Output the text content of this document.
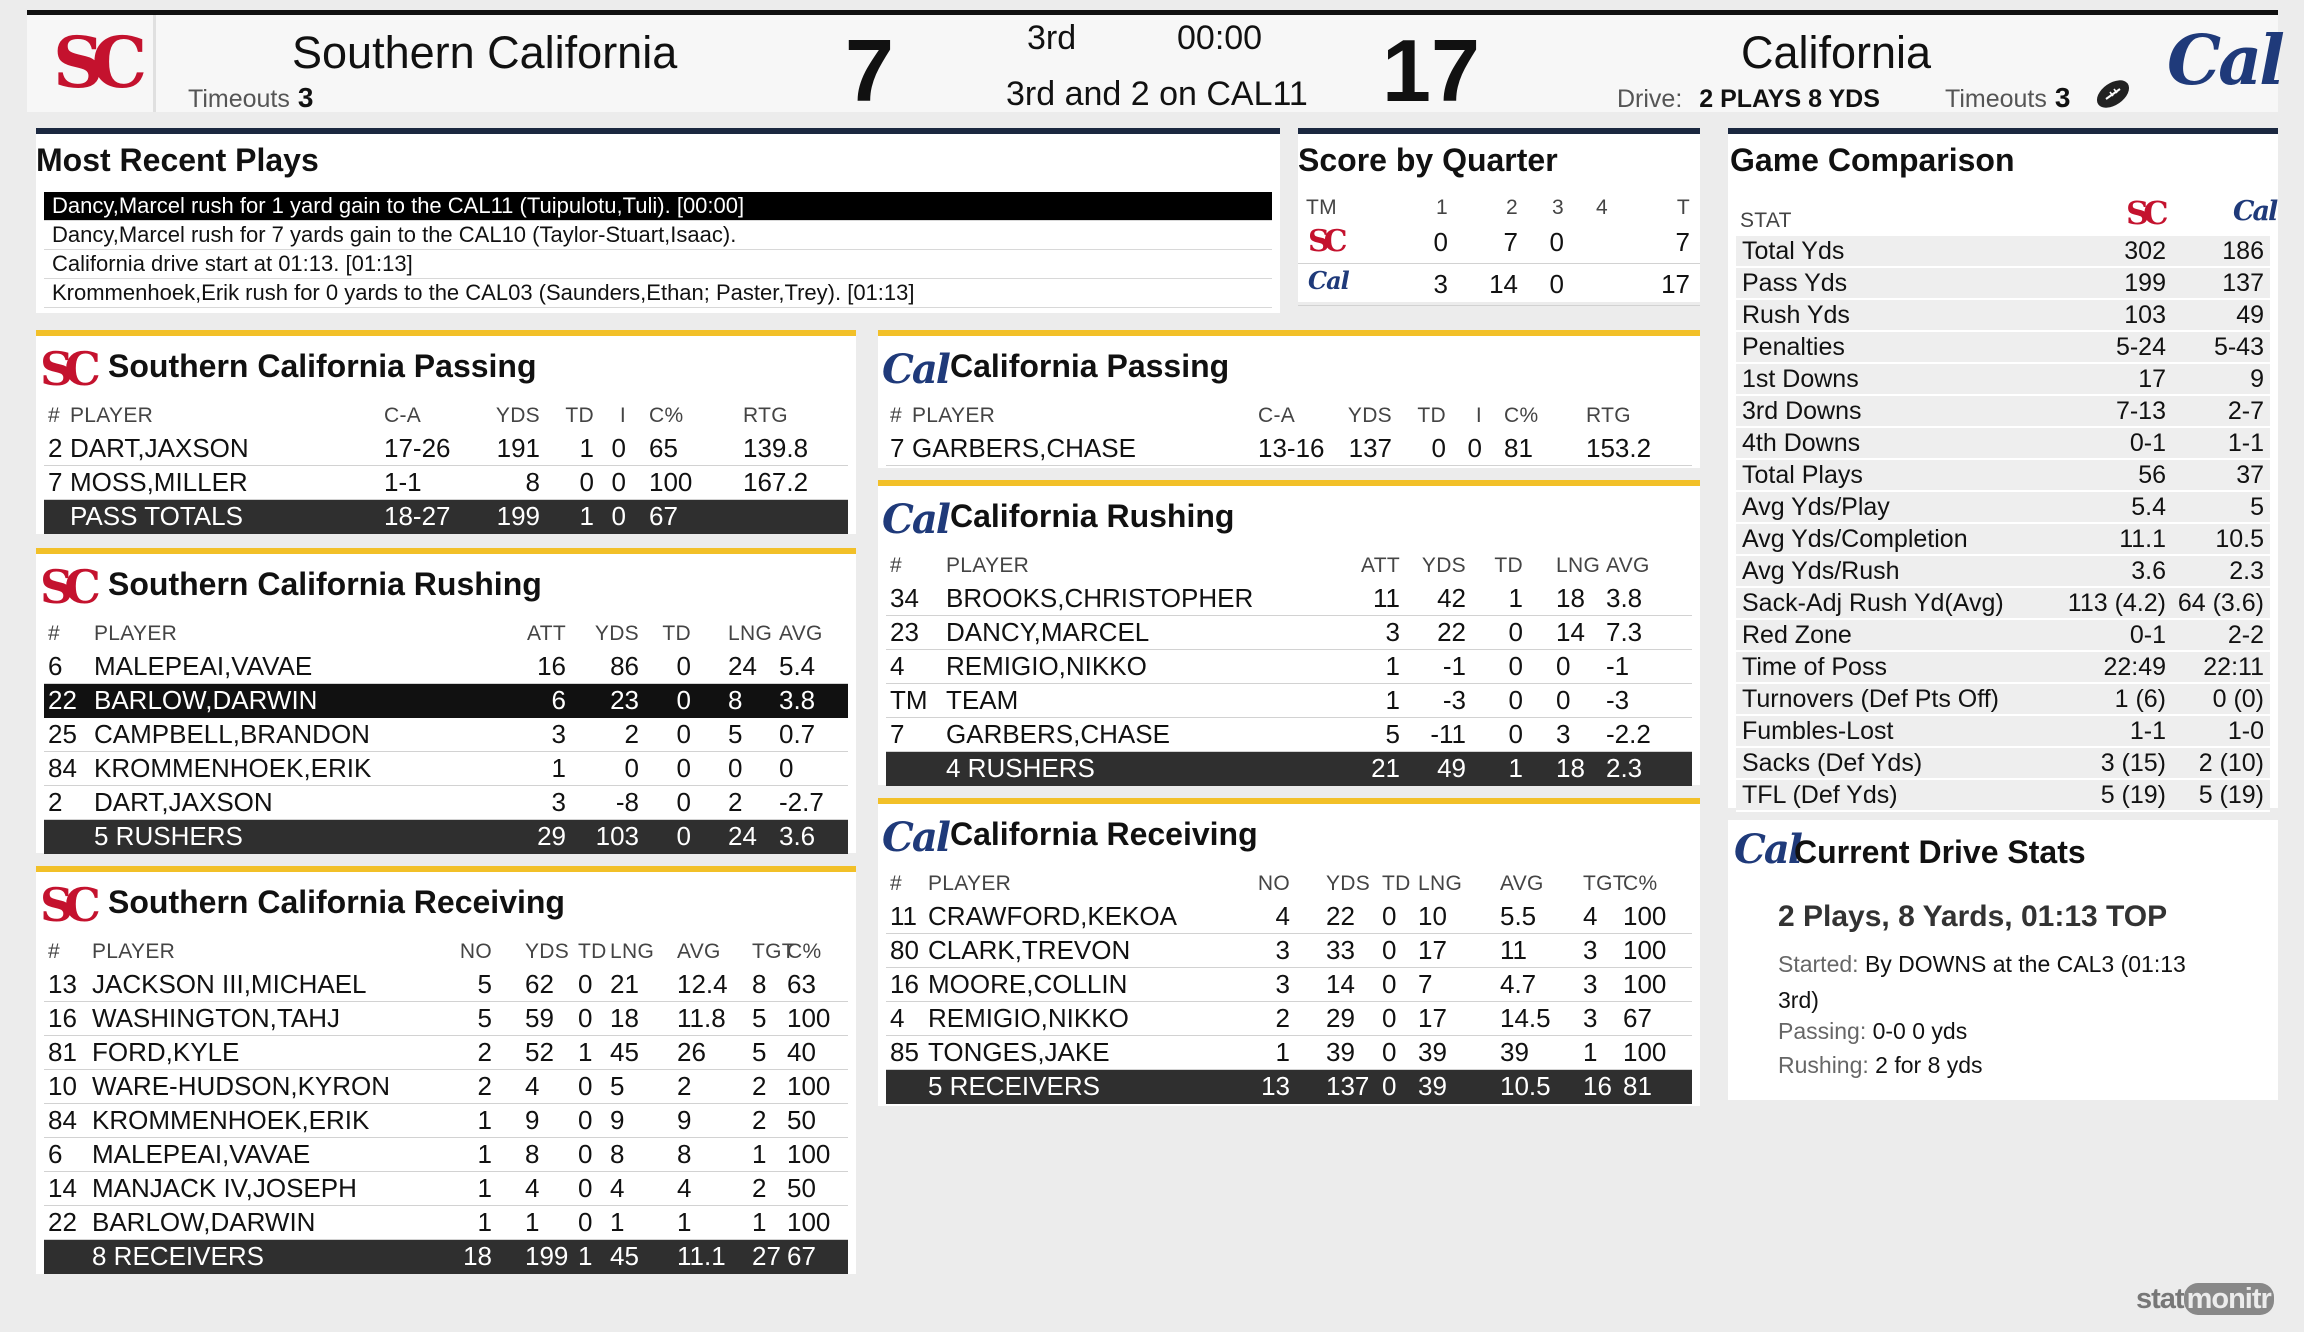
SC	Southern California
Timeouts 3	7	3rd	00:00
3rd and 2 on CAL11 17	California
Drive: 2 PLAYS 8 YDS	Timeouts 3 Cal
Most Recent Plays
Dancy,Marcel rush for 1 yard gain to the CAL11 (Tuipulotu,Tuli). [00:00]
Dancy,Marcel rush for 7 yards gain to the CAL10 (Taylor-Stuart,Isaac).
California drive start at 01:13. [01:13]
Krommenhoek,Erik rush for 0 yards to the CAL03 (Saunders,Ethan; Paster,Trey). [01:13]
Score by Quarter
TM	1	2	3	4	T
SC	0	7	0	7
Cal	3	14	0	17
Game Comparison
STAT	SC	Cal
Total Yds	302	186
Pass Yds	199	137
Rush Yds	103	49
Penalties	5-24	5-43
1st Downs	17	9
3rd Downs	7-13	2-7
4th Downs	0-1	1-1
Total Plays	56	37
Avg Yds/Play	5.4	5
Avg Yds/Completion	11.1	10.5
Avg Yds/Rush	3.6	2.3
Sack-Adj Rush Yd(Avg)	113 (4.2) 64 (3.6)
Red Zone	0-1	2-2
Time of Poss	22:49	22:11
Turnovers (Def Pts Off)	1 (6)	0 (0)
Fumbles-Lost	1-1	1-0
Sacks (Def Yds)	3 (15)	2 (10)
TFL (Def Yds)	5 (19)	5 (19)
Cal
Current Drive Stats
2 Plays, 8 Yards, 01:13 TOP
Started: By DOWNS at the CAL3 (01:13
3rd)
Passing: 0-0 0 yds
Rushing: 2 for 8 yds
SC Southern California Passing
# PLAYER	C-A	YDS	TD	I C%	RTG
2 DART,JAXSON	17-26	191	1 0 65	139.8
7 MOSS,MILLER	1-1	8	0 0 100 167.2
PASS TOTALS	18-27	199	1 0 67
SC Southern California Rushing
# PLAYER	ATT	YDS	TD LNG AVG
6 MALEPEAI,VAVAE	16	86	0 24 5.4
22 BARLOW,DARWIN	6	23	0 8 3.8
25 CAMPBELL,BRANDON	3	2	0 5 0.7
84 KROMMENHOEK,ERIK	1	0	0 0 0
2 DART,JAXSON	3	-8	0 2 -2.7
5 RUSHERS	29	103	0 24 3.6
SC Southern California Receiving
# PLAYER	NO YDS TD LNG AVG TGT
C%
13 JACKSON III,MICHAEL	5 62 0 21 12.4 8 63
16 WASHINGTON,TAHJ	5 59 0 18 11.8 5 100
81 FORD,KYLE	2 52 1 45 26 5 40
10 WARE-HUDSON,KYRON	2 4 0 5 2 2 100
84 KROMMENHOEK,ERIK	1 9 0 9 9 2 50
6 MALEPEAI,VAVAE	1 8 0 8 8 1 100
14 MANJACK IV,JOSEPH	1 4 0 4 4 2 50
22 BARLOW,DARWIN	1 1 0 1 1 1 100
8 RECEIVERS	18 199 1 45 11.1 27 67
Cal California Passing
# PLAYER	C-A	YDS	TD	I C% RTG
7 GARBERS,CHASE	13-16 137	0 0 81 153.2
Cal California Rushing
# PLAYER	ATT	YDS	TD LNG AVG
34 BROOKS,CHRISTOPHER	11	42	1 18 3.8
23 DANCY,MARCEL	3	22	0 14 7.3
4 REMIGIO,NIKKO	1	-1	0 0 -1
TM TEAM	1	-3	0 0 -3
7 GARBERS,CHASE	5	-11	0 3 -2.2
4 RUSHERS	21	49	1 18 2.3
Cal California Receiving
# PLAYER	NO YDS TD LNG AVG TGT
C%
11 CRAWFORD,KEKOA	4 22 0 10 5.5 4 100
80 CLARK,TREVON	3 33 0 17 11 3 100
16 MOORE,COLLIN	3 14 0 7	4.7 3 100
4 REMIGIO,NIKKO	2 29 0 17 14.5 3 67
85 TONGES,JAKE	1 39 0 39 39 1 100
5 RECEIVERS	13 137 0 39 10.5 16 81
stat monitr
